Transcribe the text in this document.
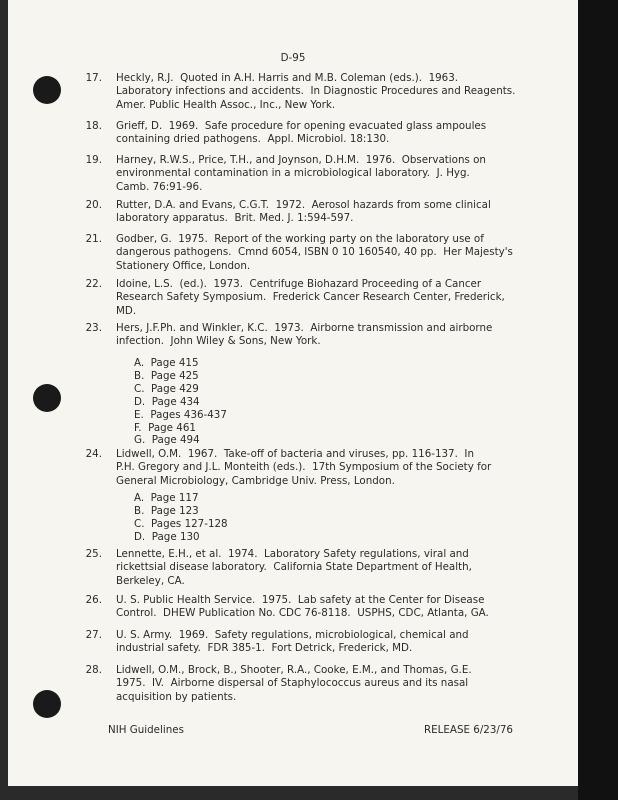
D-95
17. Heckly, R.J.  Quoted in A.H. Harris and M.B. Coleman (eds.).  1963.
Laboratory infections and accidents.  In Diagnostic Procedures and Reagents.
Amer. Public Health Assoc., Inc., New York.
18. Grieff, D.  1969.  Safe procedure for opening evacuated glass ampoules
containing dried pathogens.  Appl. Microbiol. 18:130.
19. Harney, R.W.S., Price, T.H., and Joynson, D.H.M.  1976.  Observations on
environmental contamination in a microbiological laboratory.  J. Hyg.
Camb. 76:91-96.
20. Rutter, D.A. and Evans, C.G.T.  1972.  Aerosol hazards from some clinical
laboratory apparatus.  Brit. Med. J. 1:594-597.
21. Godber, G.  1975.  Report of the working party on the laboratory use of
dangerous pathogens.  Cmnd 6054, ISBN 0 10 160540, 40 pp.  Her Majesty's
Stationery Office, London.
22. Idoine, L.S.  (ed.).  1973.  Centrifuge Biohazard Proceeding of a Cancer
Research Safety Symposium.  Frederick Cancer Research Center, Frederick,
MD.
23. Hers, J.F.Ph. and Winkler, K.C.  1973.  Airborne transmission and airborne
infection.  John Wiley & Sons, New York.
24. Lidwell, O.M.  1967.  Take-off of bacteria and viruses, pp. 116-137.  In
P.H. Gregory and J.L. Monteith (eds.).  17th Symposium of the Society for
General Microbiology, Cambridge Univ. Press, London.
25. Lennette, E.H., et al.  1974.  Laboratory Safety regulations, viral and
rickettsial disease laboratory.  California State Department of Health,
Berkeley, CA.
26. U. S. Public Health Service.  1975.  Lab safety at the Center for Disease
Control.  DHEW Publication No. CDC 76-8118.  USPHS, CDC, Atlanta, GA.
27. U. S. Army.  1969.  Safety regulations, microbiological, chemical and
industrial safety.  FDR 385-1.  Fort Detrick, Frederick, MD.
28. Lidwell, O.M., Brock, B., Shooter, R.A., Cooke, E.M., and Thomas, G.E.
1975.  IV.  Airborne dispersal of Staphylococcus aureus and its nasal
acquisition by patients.
A.  Page 415
B.  Page 425
C.  Page 429
D.  Page 434
E.  Pages 436-437
F.  Page 461
G.  Page 494
A.  Page 117
B.  Page 123
C.  Pages 127-128
D.  Page 130
NIH Guidelines	RELEASE 6/23/76
